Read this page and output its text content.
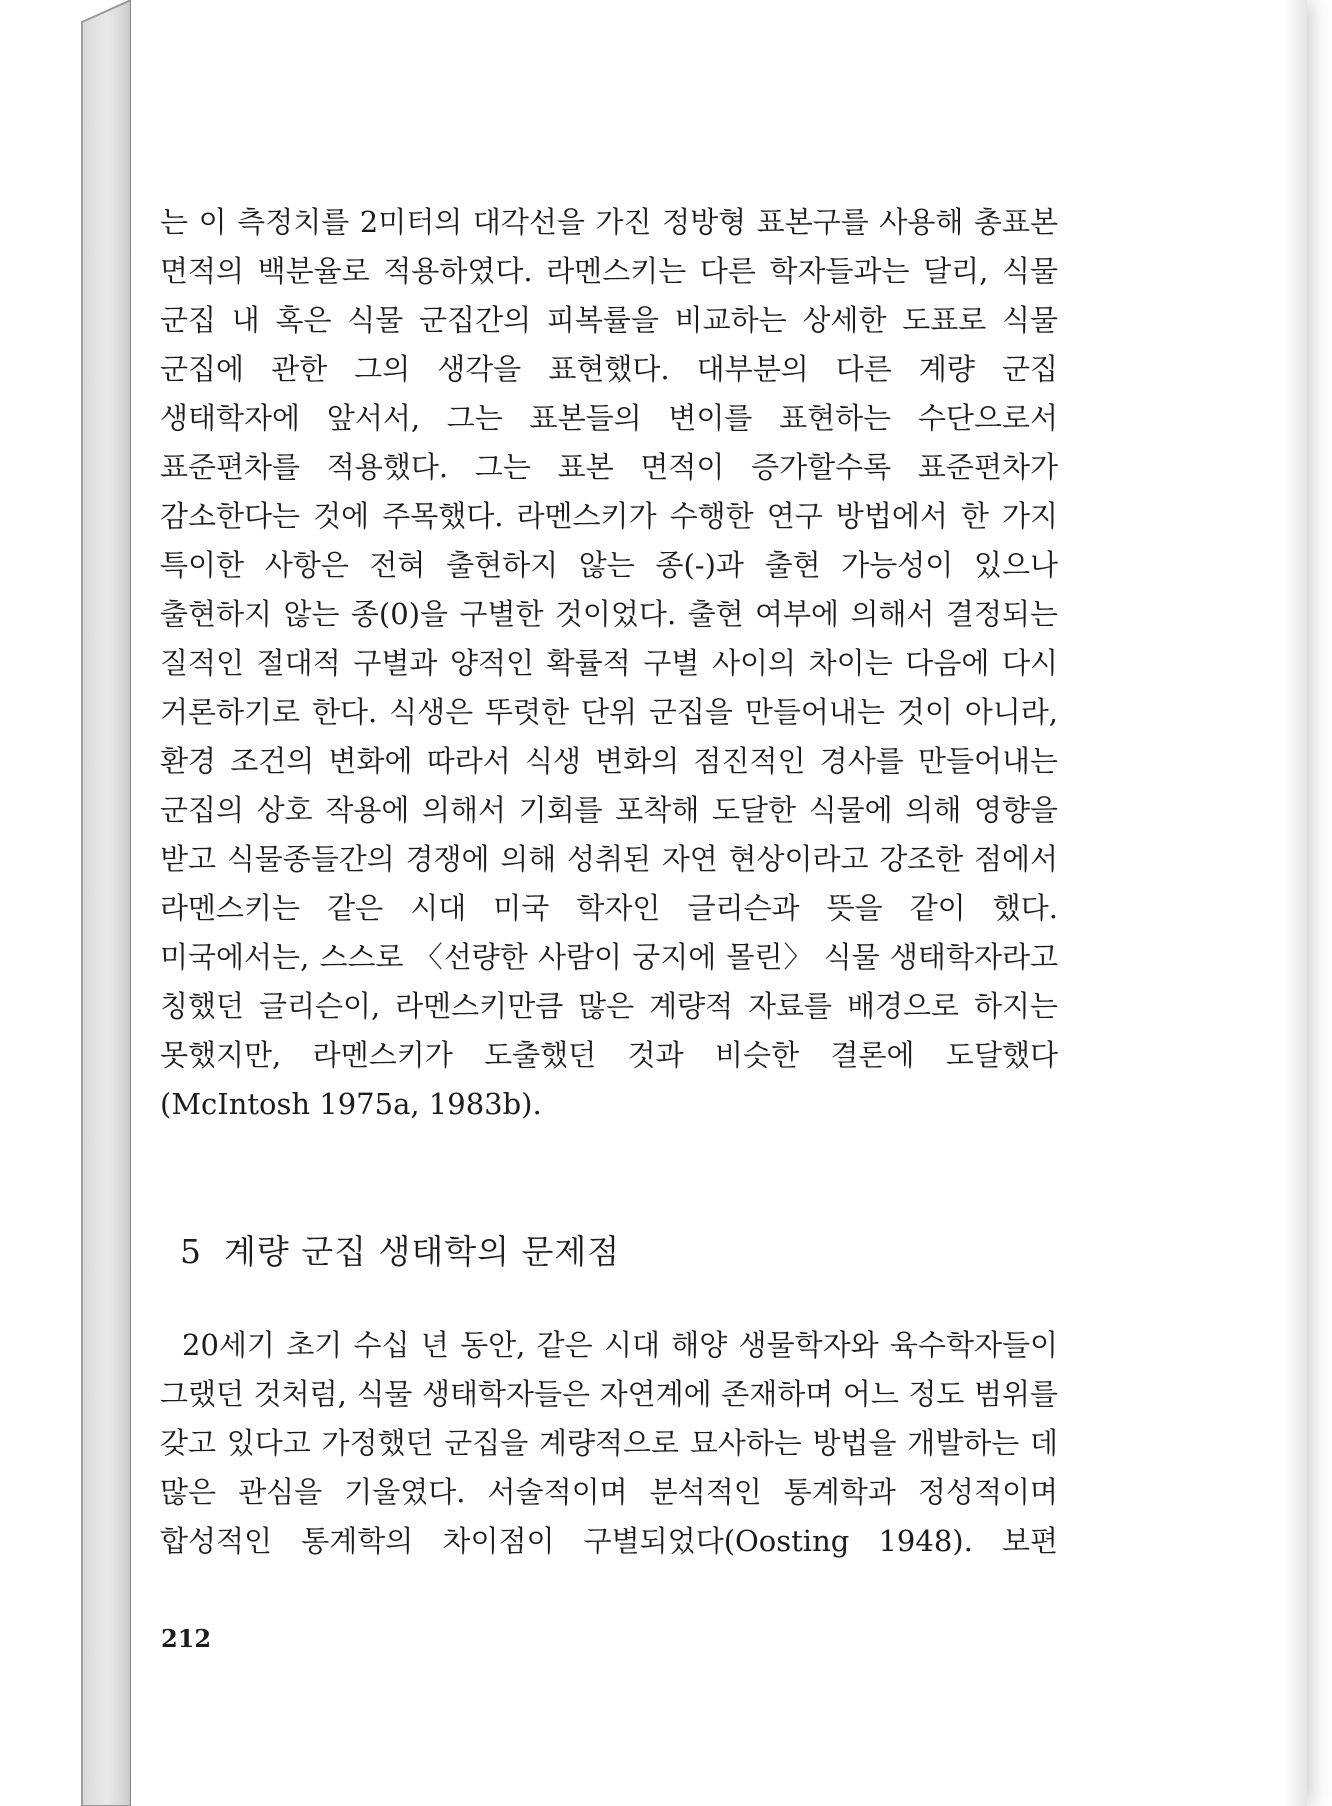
는 이 측정치를 2미터의 대각선을 가진 정방형 표본구를 사용해 총표본 면적의 백분율로 적용하였다. 라멘스키는 다른 학자들과는 달리, 식물 군집 내 혹은 식물 군집간의 피복률을 비교하는 상세한 도표로 식물 군집에 관한 그의 생각을 표현했다. 대부분의 다른 계량 군집 생태학자에 앞서서, 그는 표본들의 변이를 표현하는 수단으로서 표준편차를 적용했다. 그는 표본 면적이 증가할수록 표준편차가 감소한다는 것에 주목했다. 라멘스키가 수행한 연구 방법에서 한 가지 특이한 사항은 전혀 출현하지 않는 종(-)과 출현 가능성이 있으나 출현하지 않는 종(0)을 구별한 것이었다. 출현 여부에 의해서 결정되는 질적인 절대적 구별과 양적인 확률적 구별 사이의 차이는 다음에 다시 거론하기로 한다. 식생은 뚜렷한 단위 군집을 만들어내는 것이 아니라, 환경 조건의 변화에 따라서 식생 변화의 점진적인 경사를 만들어내는 군집의 상호 작용에 의해서 기회를 포착해 도달한 식물에 의해 영향을 받고 식물종들간의 경쟁에 의해 성취된 자연 현상이라고 강조한 점에서 라멘스키는 같은 시대 미국 학자인 글리슨과 뜻을 같이 했다. 미국에서는, 스스로 〈선량한 사람이 궁지에 몰린〉 식물 생태학자라고 칭했던 글리슨이, 라멘스키만큼 많은 계량적 자료를 배경으로 하지는 못했지만, 라멘스키가 도출했던 것과 비슷한 결론에 도달했다 (McIntosh 1975a, 1983b).

5 계량 군집 생태학의 문제점

20세기 초기 수십 년 동안, 같은 시대 해양 생물학자와 육수학자들이 그랬던 것처럼, 식물 생태학자들은 자연계에 존재하며 어느 정도 범위를 갖고 있다고 가정했던 군집을 계량적으로 묘사하는 방법을 개발하는 데 많은 관심을 기울였다. 서술적이며 분석적인 통계학과 정성적이며 합성적인 통계학의 차이점이 구별되었다(Oosting 1948). 보편

212
